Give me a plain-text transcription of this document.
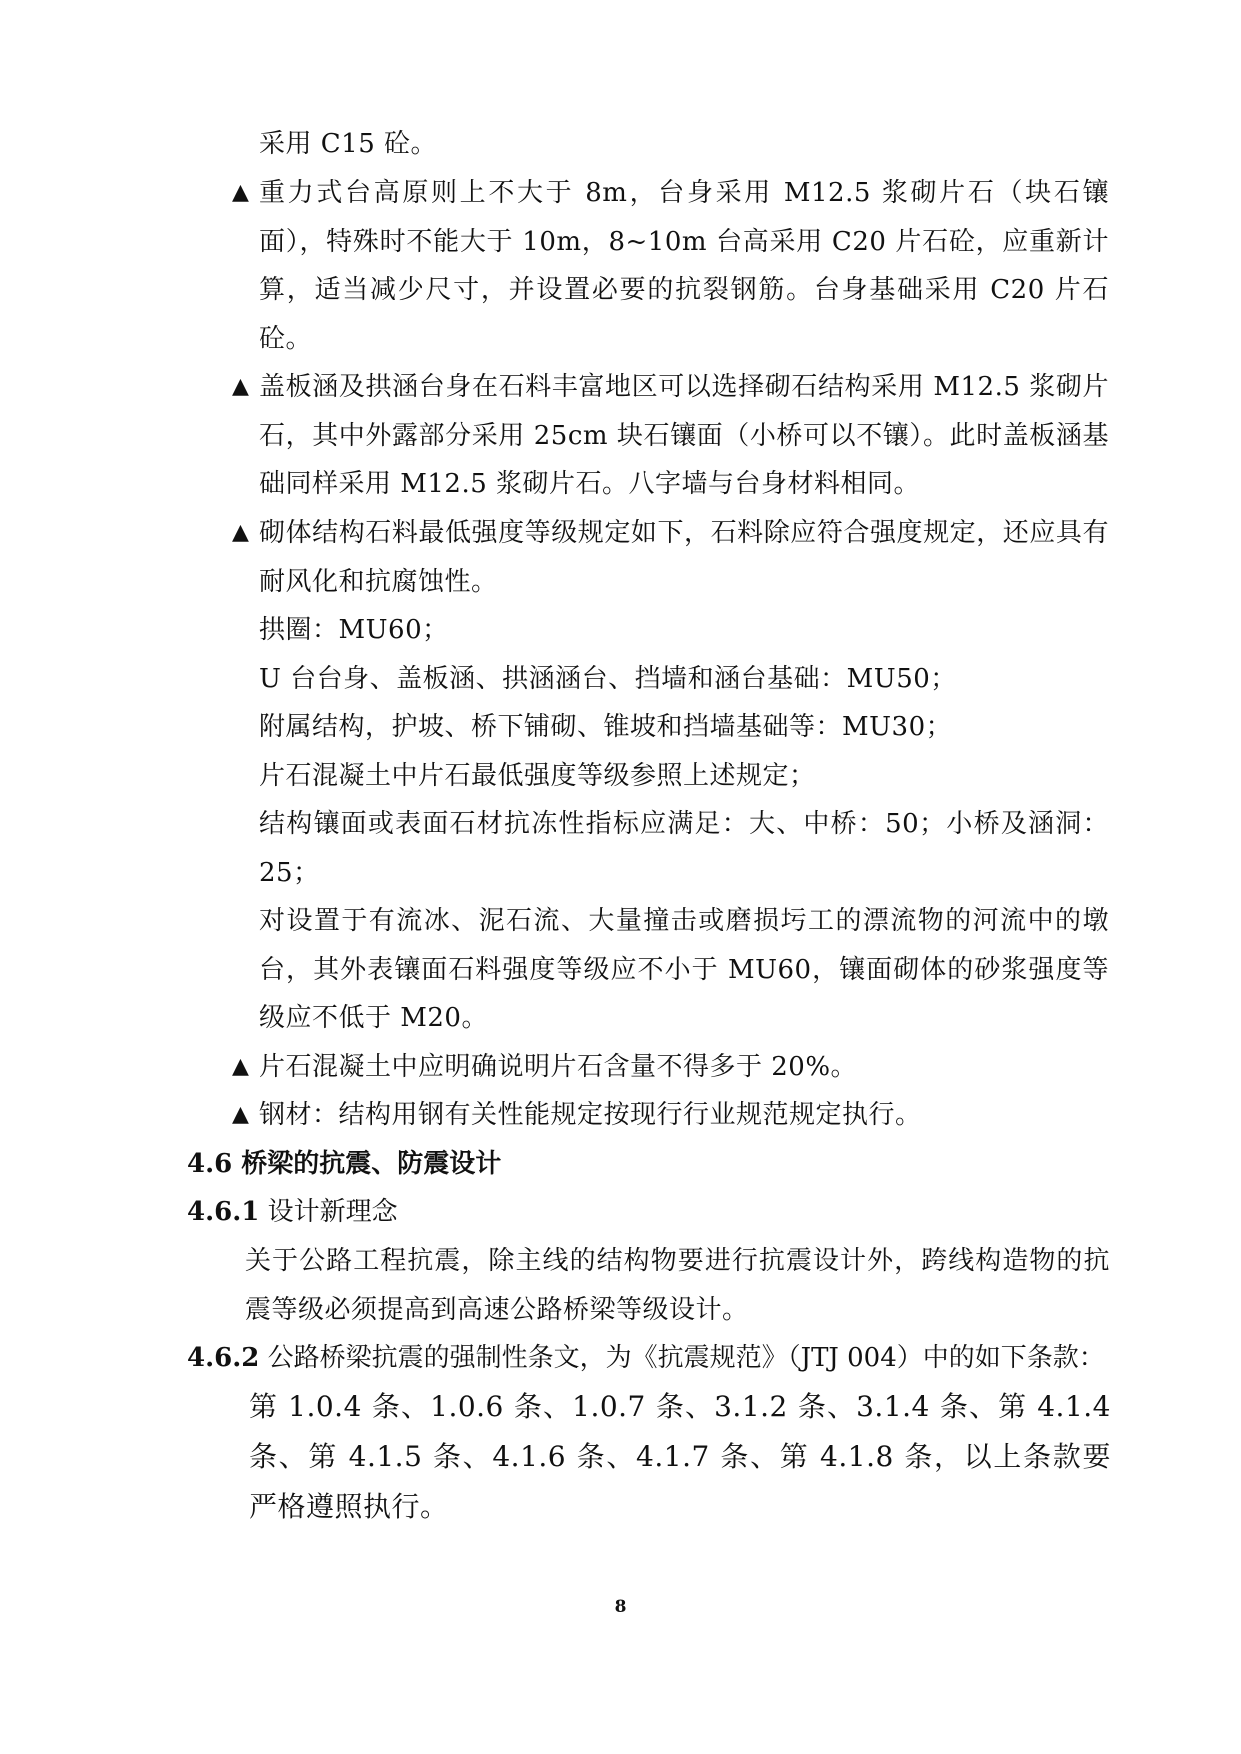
采用 C15 砼。
▲ 重力式台高原则上不大于 8m，台身采用 M12.5 浆砌片石（块石镶面），特殊时不能大于 10m，8~10m 台高采用 C20 片石砼，应重新计算，适当减少尺寸，并设置必要的抗裂钢筋。台身基础采用 C20 片石砼。
▲ 盖板涵及拱涵台身在石料丰富地区可以选择砌石结构采用 M12.5 浆砌片石，其中外露部分采用 25cm 块石镶面（小桥可以不镶）。此时盖板涵基础同样采用 M12.5 浆砌片石。八字墙与台身材料相同。
▲ 砌体结构石料最低强度等级规定如下，石料除应符合强度规定，还应具有耐风化和抗腐蚀性。
拱圈：MU60；
U 台台身、盖板涵、拱涵涵台、挡墙和涵台基础：MU50；
附属结构，护坡、桥下铺砌、锥坡和挡墙基础等：MU30；
片石混凝土中片石最低强度等级参照上述规定；
结构镶面或表面石材抗冻性指标应满足：大、中桥：50；小桥及涵洞：25；
对设置于有流冰、泥石流、大量撞击或磨损圬工的漂流物的河流中的墩台，其外表镶面石料强度等级应不小于 MU60，镶面砌体的砂浆强度等级应不低于 M20。
▲ 片石混凝土中应明确说明片石含量不得多于 20%。
▲ 钢材：结构用钢有关性能规定按现行行业规范规定执行。
4.6 桥梁的抗震、防震设计
4.6.1 设计新理念
关于公路工程抗震，除主线的结构物要进行抗震设计外，跨线构造物的抗震等级必须提高到高速公路桥梁等级设计。
4.6.2 公路桥梁抗震的强制性条文，为《抗震规范》（JTJ 004）中的如下条款：
第 1.0.4 条、1.0.6 条、1.0.7 条、3.1.2 条、3.1.4 条、第 4.1.4 条、第 4.1.5 条、4.1.6 条、4.1.7 条、第 4.1.8 条，以上条款要严格遵照执行。
8
